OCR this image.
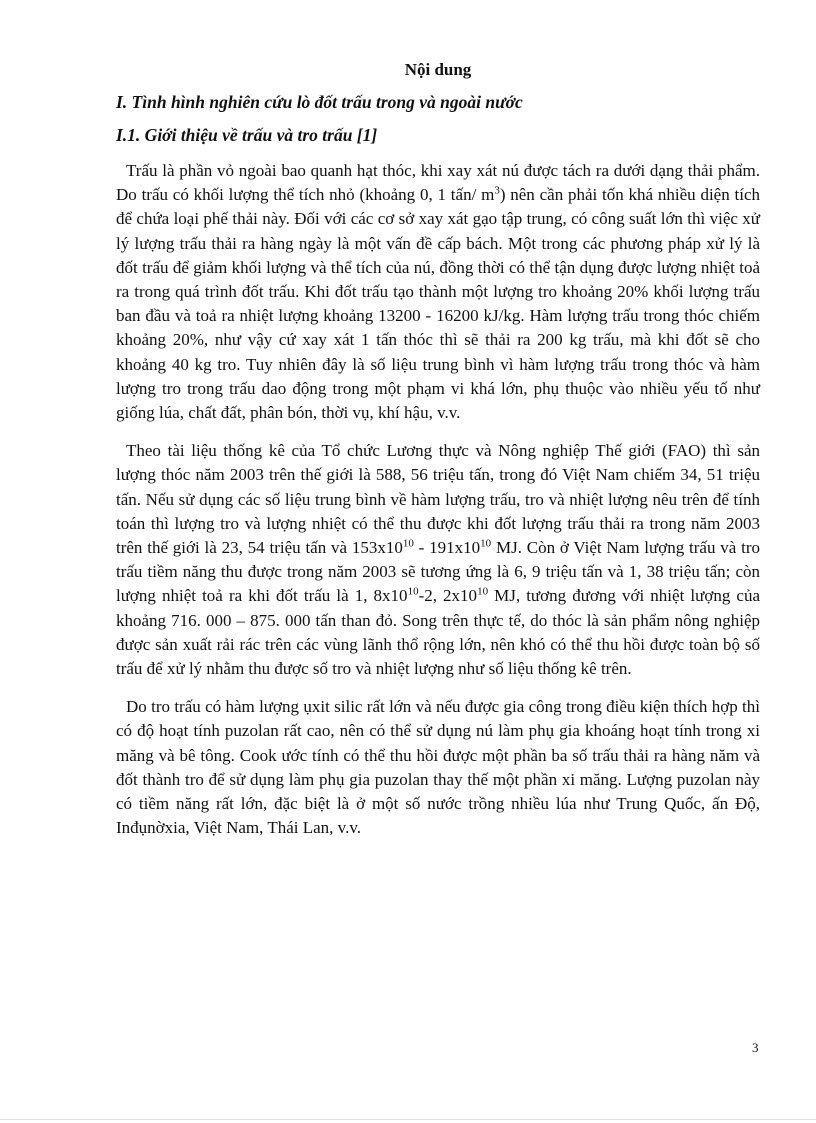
Nội dung
I. Tình hình nghiên cứu lò đốt trấu trong và ngoài nước
I.1. Giới thiệu về trấu và tro trấu [1]

Trấu là phần vỏ ngoài bao quanh hạt thóc, khi xay xát nú được tách ra dưới dạng thải phẩm. Do trấu có khối lượng thể tích nhỏ (khoảng 0, 1 tấn/ $m^3$) nên cần phải tốn khá nhiều diện tích để chứa loại phế thải này. Đối với các cơ sở xay xát gạo tập trung, có công suất lớn thì việc xử lý lượng trấu thải ra hàng ngày là một vấn đề cấp bách. Một trong các phương pháp xử lý là đốt trấu để giảm khối lượng và thể tích của nú, đồng thời có thể tận dụng được lượng nhiệt toả ra trong quá trình đốt trấu. Khi đốt trấu tạo thành một lượng tro khoảng 20% khối lượng trấu ban đầu và toả ra nhiệt lượng khoảng 13200 - 16200 kJ/kg. Hàm lượng trấu trong thóc chiếm khoảng 20%, như vậy cứ xay xát 1 tấn thóc thì sẽ thải ra 200 kg trấu, mà khi đốt sẽ cho khoảng 40 kg tro. Tuy nhiên đây là số liệu trung bình vì hàm lượng trấu trong thóc và hàm lượng tro trong trấu dao động trong một phạm vi khá lớn, phụ thuộc vào nhiều yếu tố như giống lúa, chất đất, phân bón, thời vụ, khí hậu, v.v.

Theo tài liệu thống kê của Tổ chức Lương thực và Nông nghiệp Thế giới (FAO) thì sản lượng thóc năm 2003 trên thế giới là 588, 56 triệu tấn, trong đó Việt Nam chiếm 34, 51 triệu tấn. Nếu sử dụng các số liệu trung bình về hàm lượng trấu, tro và nhiệt lượng nêu trên để tính toán thì lượng tro và lượng nhiệt có thể thu được khi đốt lượng trấu thải ra trong năm 2003 trên thế giới là 23, 54 triệu tấn và $153x10^{10} - 191x10^{10}$ MJ. Còn ở Việt Nam lượng trấu và tro trấu tiềm năng thu được trong năm 2003 sẽ tương ứng là 6, 9 triệu tấn và 1, 38 triệu tấn; còn lượng nhiệt toả ra khi đốt trấu là 1, $8x10^{10}-2$, $2x10^{10}$ MJ, tương đương với nhiệt lượng của khoảng 716. 000 – 875. 000 tấn than đỏ. Song trên thực tế, do thóc là sản phẩm nông nghiệp được sản xuất rải rác trên các vùng lãnh thổ rộng lớn, nên khó có thể thu hồi được toàn bộ số trấu để xử lý nhằm thu được số tro và nhiệt lượng như số liệu thống kê trên.

Do tro trấu có hàm lượng ụxit silic rất lớn và nếu được gia công trong điều kiện thích hợp thì có độ hoạt tính puzolan rất cao, nên có thể sử dụng nú làm phụ gia khoáng hoạt tính trong xi măng và bê tông. Cook ước tính có thể thu hồi được một phần ba số trấu thải ra hàng năm và đốt thành tro để sử dụng làm phụ gia puzolan thay thế một phần xi măng. Lượng puzolan này có tiềm năng rất lớn, đặc biệt là ở một số nước trồng nhiều lúa như Trung Quốc, ấn Độ, Inđụnờxia, Việt Nam, Thái Lan, v.v.

3
